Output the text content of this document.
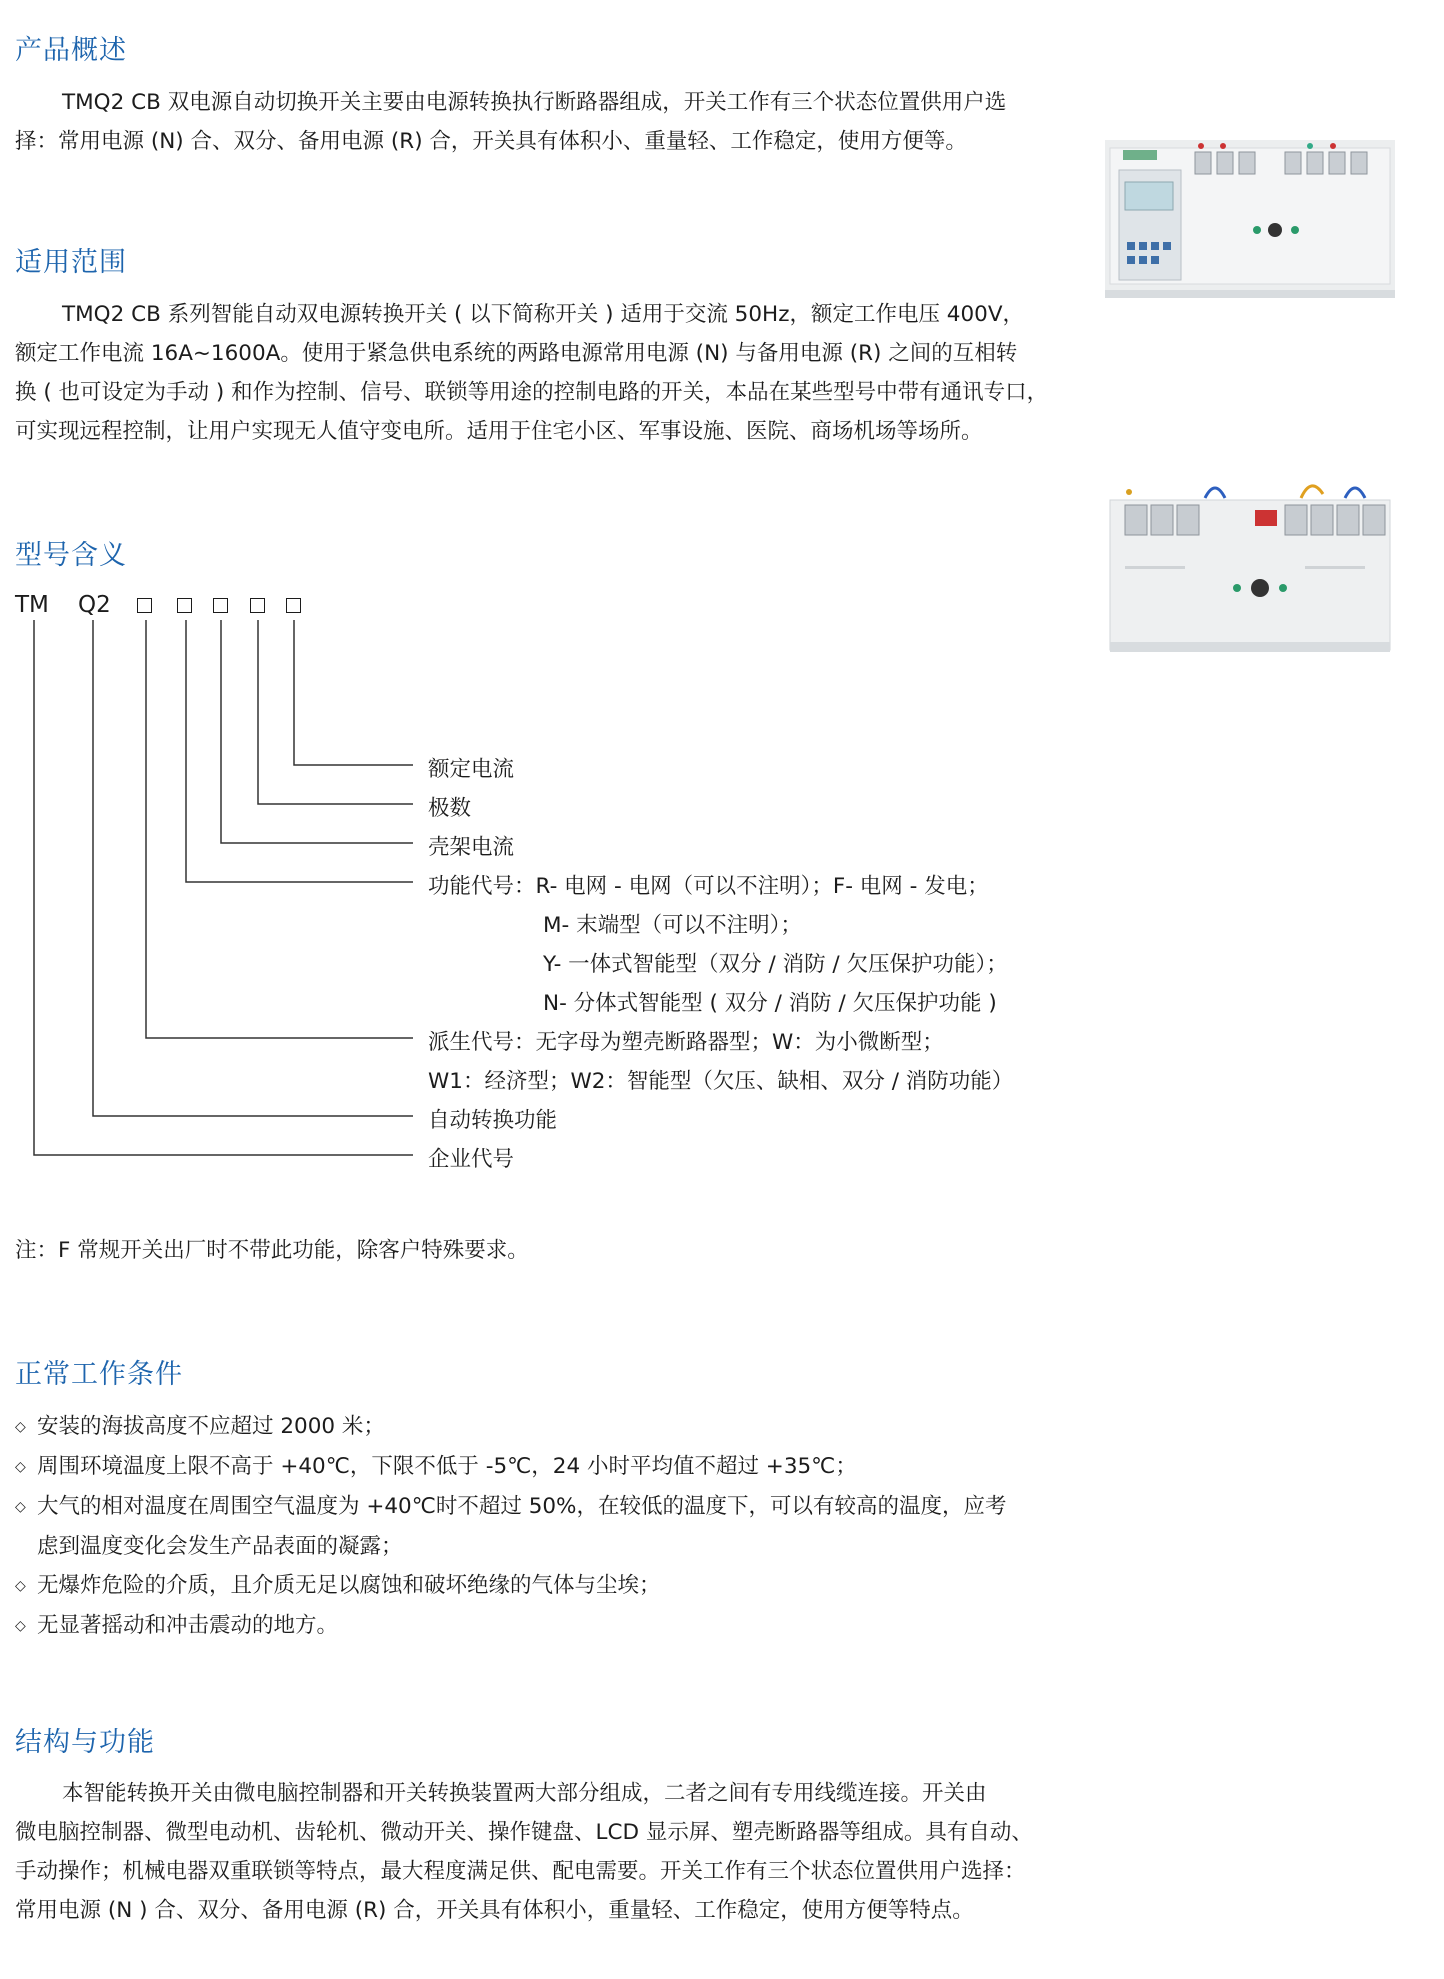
产品概述

TMQ2 CB 双电源自动切换开关主要由电源转换执行断路器组成，开关工作有三个状态位置供用户选
择：常用电源 (N) 合、双分、备用电源 (R) 合，开关具有体积小、重量轻、工作稳定，使用方便等。

适用范围

TMQ2 CB 系列智能自动双电源转换开关 ( 以下简称开关 ) 适用于交流 50Hz，额定工作电压 400V，
额定工作电流 16A~1600A。使用于紧急供电系统的两路电源常用电源 (N) 与备用电源 (R) 之间的互相转
换 ( 也可设定为手动 ) 和作为控制、信号、联锁等用途的控制电路的开关，本品在某些型号中带有通讯专口，
可实现远程控制，让用户实现无人值守变电所。适用于住宅小区、军事设施、医院、商场机场等场所。

型号含义
TM Q2
额定电流
极数
壳架电流
功能代号：R- 电网 - 电网（可以不注明）；F- 电网 - 发电；
M- 末端型（可以不注明）；
Y- 一体式智能型（双分 / 消防 / 欠压保护功能）；
N- 分体式智能型 ( 双分 / 消防 / 欠压保护功能 )
派生代号：无字母为塑壳断路器型；W：为小微断型；
W1：经济型；W2：智能型（欠压、缺相、双分 / 消防功能）
自动转换功能
企业代号

注：F 常规开关出厂时不带此功能，除客户特殊要求。

正常工作条件
◇ 安装的海拔高度不应超过 2000 米；
◇ 周围环境温度上限不高于 +40℃，下限不低于 -5℃，24 小时平均值不超过 +35℃；
◇ 大气的相对温度在周围空气温度为 +40℃时不超过 50%，在较低的温度下，可以有较高的温度，应考
虑到温度变化会发生产品表面的凝露；
◇ 无爆炸危险的介质，且介质无足以腐蚀和破坏绝缘的气体与尘埃；
◇ 无显著摇动和冲击震动的地方。
结构与功能

本智能转换开关由微电脑控制器和开关转换装置两大部分组成，二者之间有专用线缆连接。开关由
微电脑控制器、微型电动机、齿轮机、微动开关、操作键盘、LCD 显示屏、塑壳断路器等组成。具有自动、
手动操作；机械电器双重联锁等特点，最大程度满足供、配电需要。开关工作有三个状态位置供用户选择：
常用电源 (N ) 合、双分、备用电源 (R) 合，开关具有体积小，重量轻、工作稳定，使用方便等特点。
